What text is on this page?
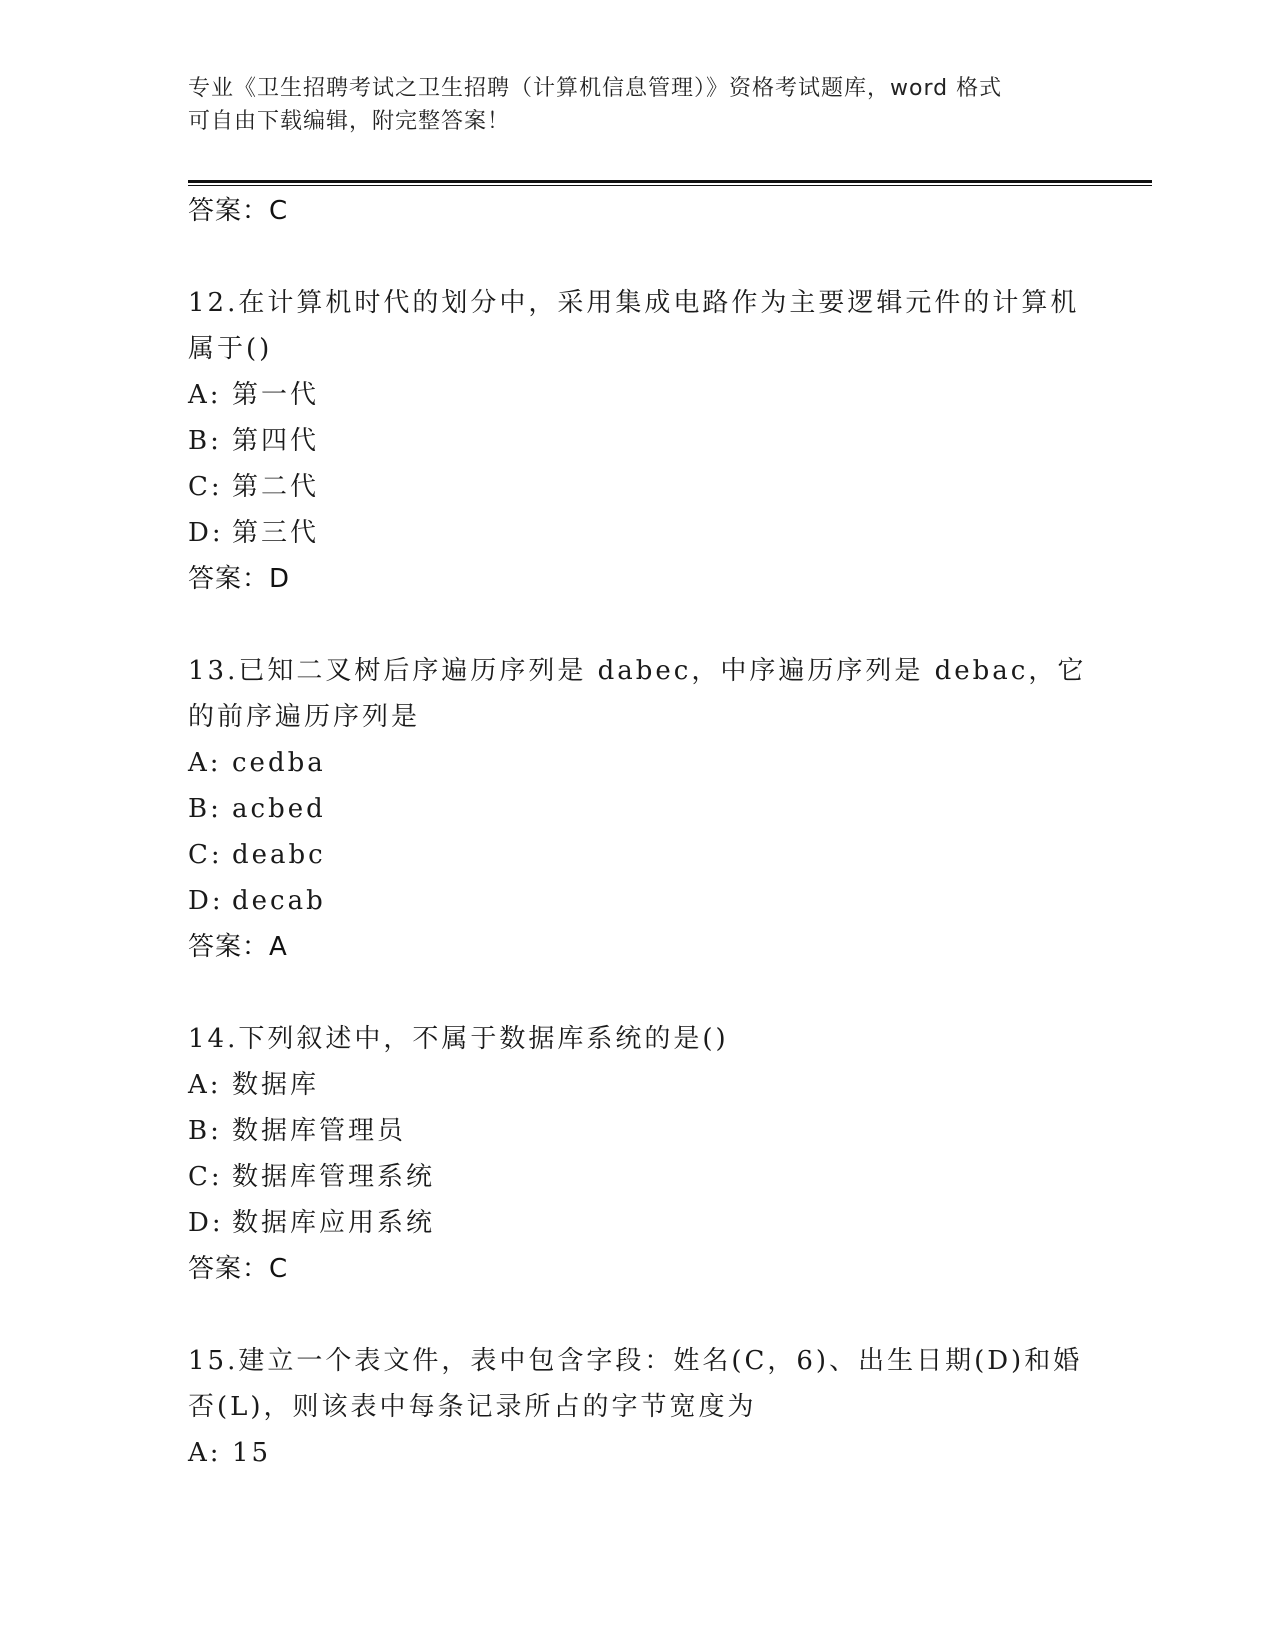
专业《卫生招聘考试之卫生招聘（计算机信息管理）》资格考试题库，word 格式
可自由下载编辑，附完整答案！
答案：C
12.在计算机时代的划分中，采用集成电路作为主要逻辑元件的计算机属于()
A: 第一代
B: 第四代
C: 第二代
D: 第三代
答案：D
13.已知二叉树后序遍历序列是 dabec，中序遍历序列是 debac，它的前序遍历序列是
A: cedba
B: acbed
C: deabc
D: decab
答案：A
14.下列叙述中，不属于数据库系统的是()
A: 数据库
B: 数据库管理员
C: 数据库管理系统
D: 数据库应用系统
答案：C
15.建立一个表文件，表中包含字段：姓名(C，6)、出生日期(D)和婚否(L)，则该表中每条记录所占的字节宽度为
A: 15
